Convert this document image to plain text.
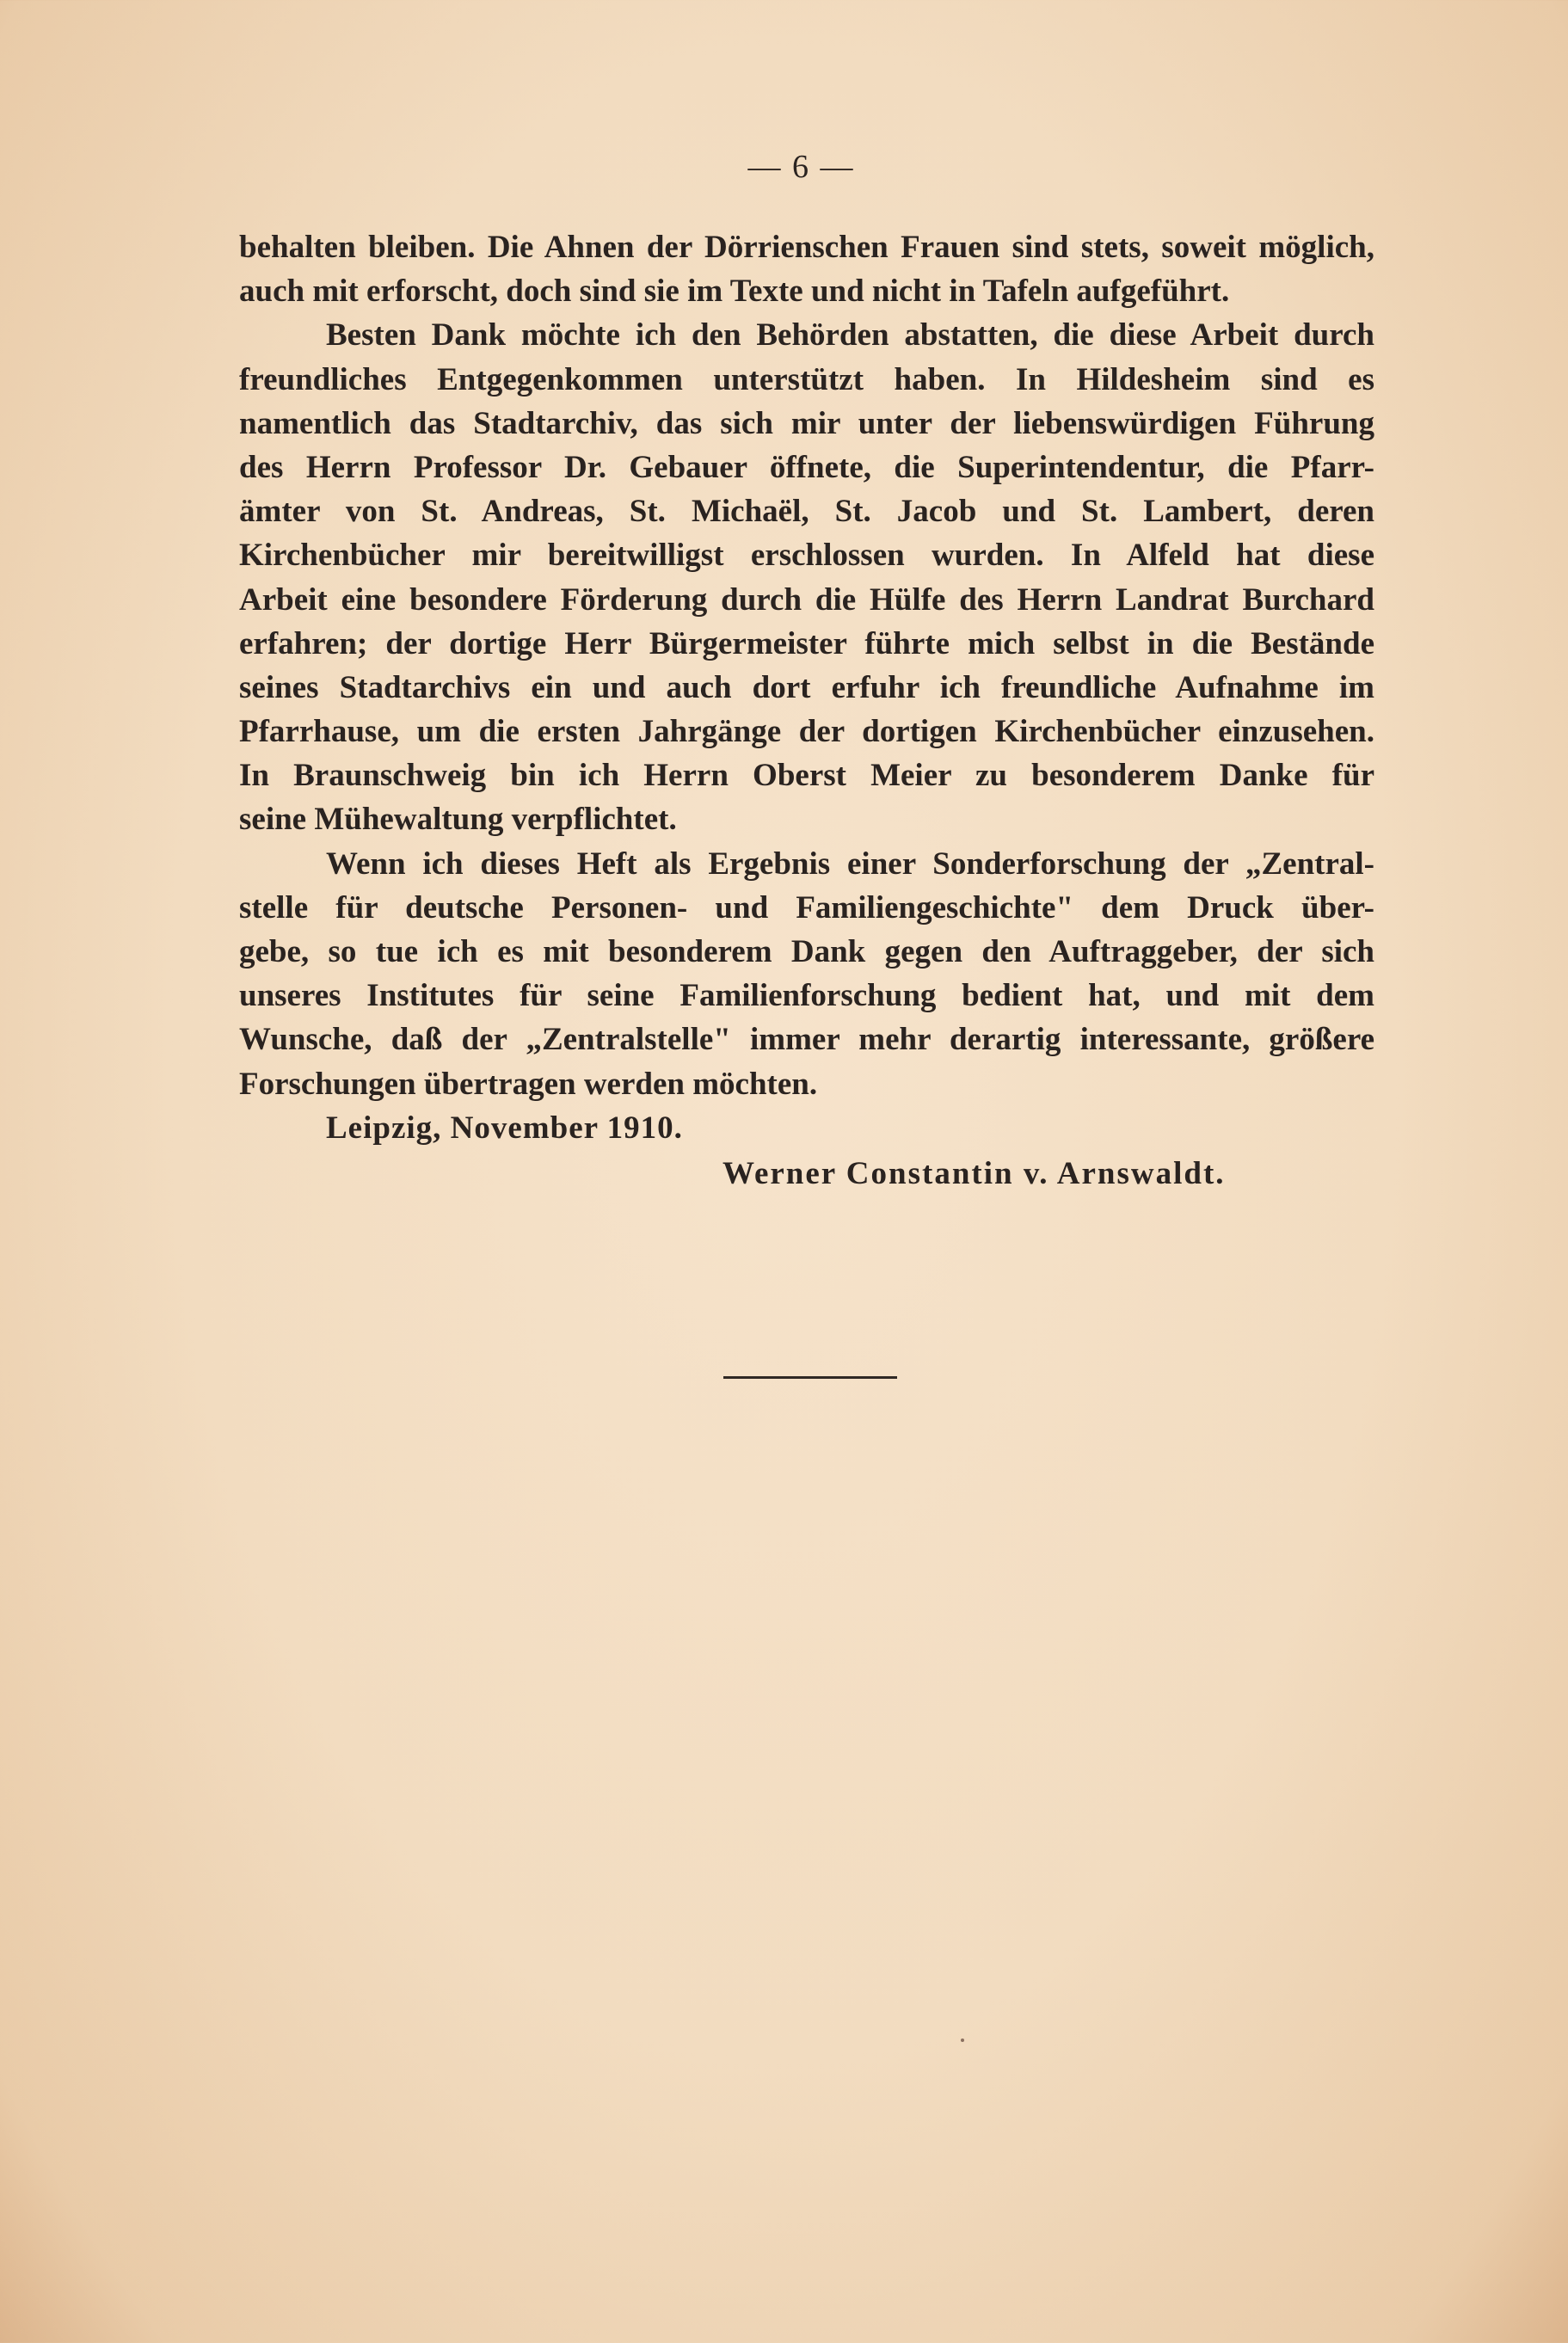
— 6 —
behalten bleiben. Die Ahnen der Dörrienschen Frauen sind stets, soweit möglich,
auch mit erforscht, doch sind sie im Texte und nicht in Tafeln aufgeführt.
Besten Dank möchte ich den Behörden abstatten, die diese Arbeit durch
freundliches Entgegenkommen unterstützt haben. In Hildesheim sind es
namentlich das Stadtarchiv, das sich mir unter der liebenswürdigen Führung
des Herrn Professor Dr. Gebauer öffnete, die Superintendentur, die Pfarr-
ämter von St. Andreas, St. Michaël, St. Jacob und St. Lambert, deren
Kirchenbücher mir bereitwilligst erschlossen wurden. In Alfeld hat diese
Arbeit eine besondere Förderung durch die Hülfe des Herrn Landrat Burchard
erfahren; der dortige Herr Bürgermeister führte mich selbst in die Bestände
seines Stadtarchivs ein und auch dort erfuhr ich freundliche Aufnahme im
Pfarrhause, um die ersten Jahrgänge der dortigen Kirchenbücher einzusehen.
In Braunschweig bin ich Herrn Oberst Meier zu besonderem Danke für
seine Mühewaltung verpflichtet.
Wenn ich dieses Heft als Ergebnis einer Sonderforschung der „Zentral-
stelle für deutsche Personen- und Familiengeschichte" dem Druck über-
gebe, so tue ich es mit besonderem Dank gegen den Auftraggeber, der sich
unseres Institutes für seine Familienforschung bedient hat, und mit dem
Wunsche, daß der „Zentralstelle" immer mehr derartig interessante, größere
Forschungen übertragen werden möchten.
Leipzig, November 1910.
Werner Constantin v. Arnswaldt.
